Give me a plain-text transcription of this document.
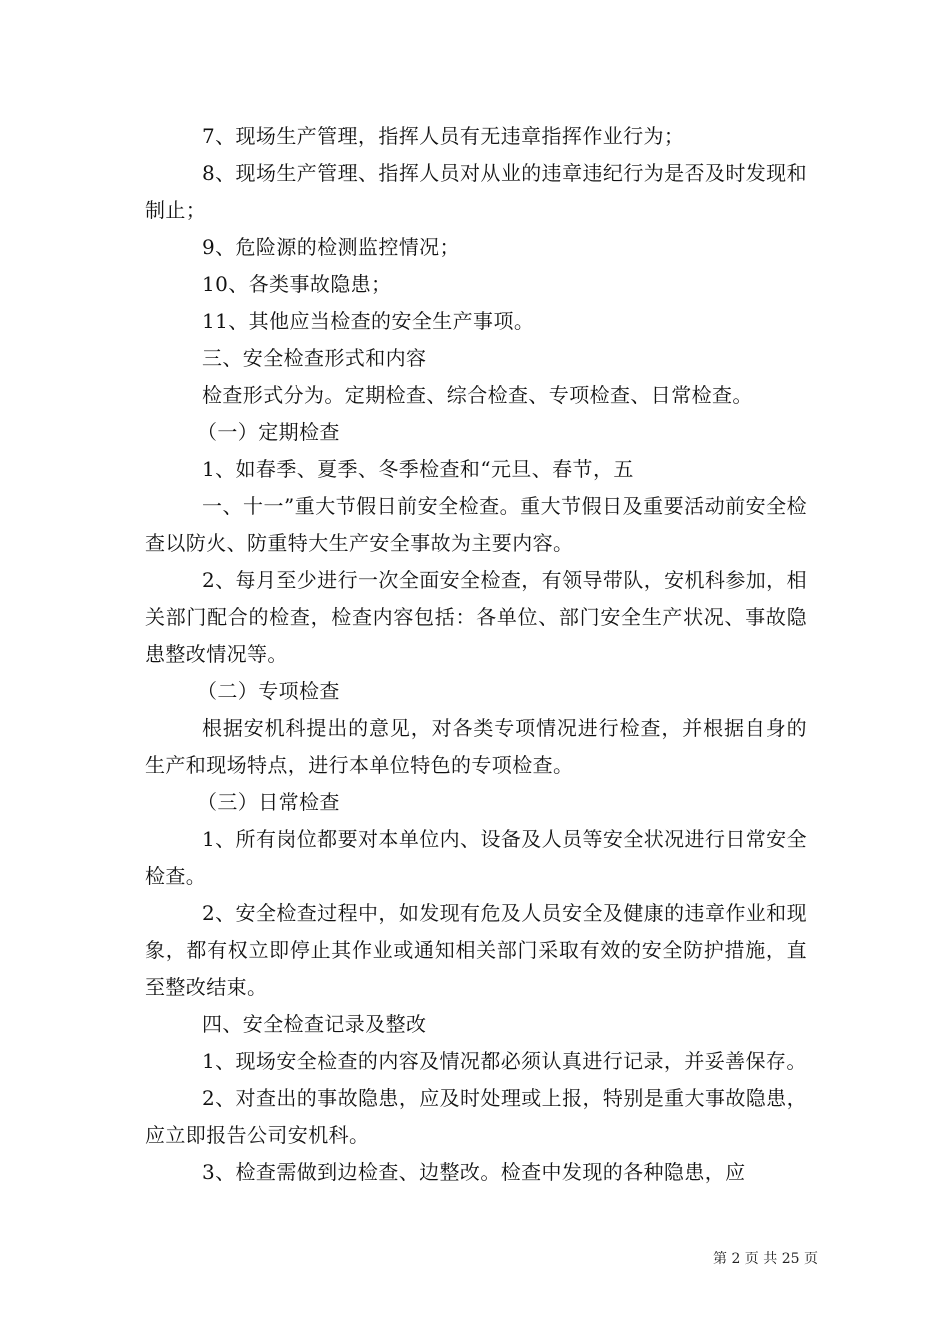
7、现场生产管理，指挥人员有无违章指挥作业行为；

8、现场生产管理、指挥人员对从业的违章违纪行为是否及时发现和制止；

9、危险源的检测监控情况；

10、各类事故隐患；

11、其他应当检查的安全生产事项。

三、安全检查形式和内容

检查形式分为。定期检查、综合检查、专项检查、日常检查。

（一）定期检查

1、如春季、夏季、冬季检查和“元旦、春节，五

一、十一”重大节假日前安全检查。重大节假日及重要活动前安全检查以防火、防重特大生产安全事故为主要内容。

2、每月至少进行一次全面安全检查，有领导带队，安机科参加，相关部门配合的检查，检查内容包括：各单位、部门安全生产状况、事故隐患整改情况等。

（二）专项检查

根据安机科提出的意见，对各类专项情况进行检查，并根据自身的生产和现场特点，进行本单位特色的专项检查。

（三）日常检查

1、所有岗位都要对本单位内、设备及人员等安全状况进行日常安全检查。

2、安全检查过程中，如发现有危及人员安全及健康的违章作业和现象，都有权立即停止其作业或通知相关部门采取有效的安全防护措施，直至整改结束。

四、安全检查记录及整改

1、现场安全检查的内容及情况都必须认真进行记录，并妥善保存。

2、对查出的事故隐患，应及时处理或上报，特别是重大事故隐患，应立即报告公司安机科。

3、检查需做到边检查、边整改。检查中发现的各种隐患，应

第 2 页 共 25 页
